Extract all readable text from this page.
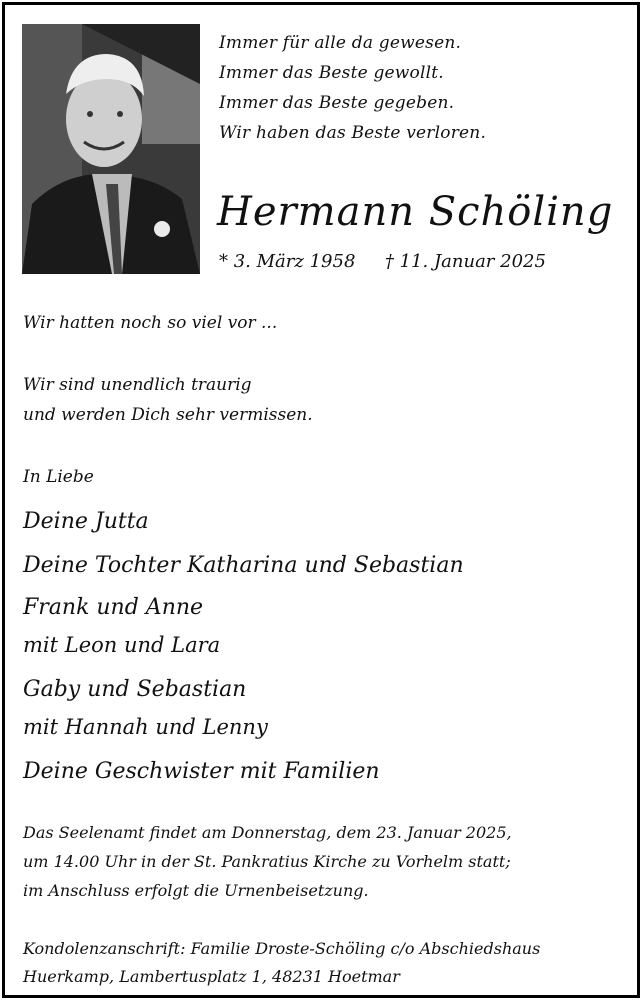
Immer für alle da gewesen.
Immer das Beste gewollt.
Immer das Beste gegeben.
Wir haben das Beste verloren.
Hermann Schöling
* 3. März 1958 † 11. Januar 2025
Wir hatten noch so viel vor ...
Wir sind unendlich traurig
und werden Dich sehr vermissen.
In Liebe
Deine Jutta
Deine Tochter Katharina und Sebastian
Frank und Anne
mit Leon und Lara
Gaby und Sebastian
mit Hannah und Lenny
Deine Geschwister mit Familien
Das Seelenamt findet am Donnerstag, dem 23. Januar 2025,
um 14.00 Uhr in der St. Pankratius Kirche zu Vorhelm statt;
im Anschluss erfolgt die Urnenbeisetzung.
Kondolenzanschrift: Familie Droste-Schöling c/o Abschiedshaus
Huerkamp, Lambertusplatz 1, 48231 Hoetmar
